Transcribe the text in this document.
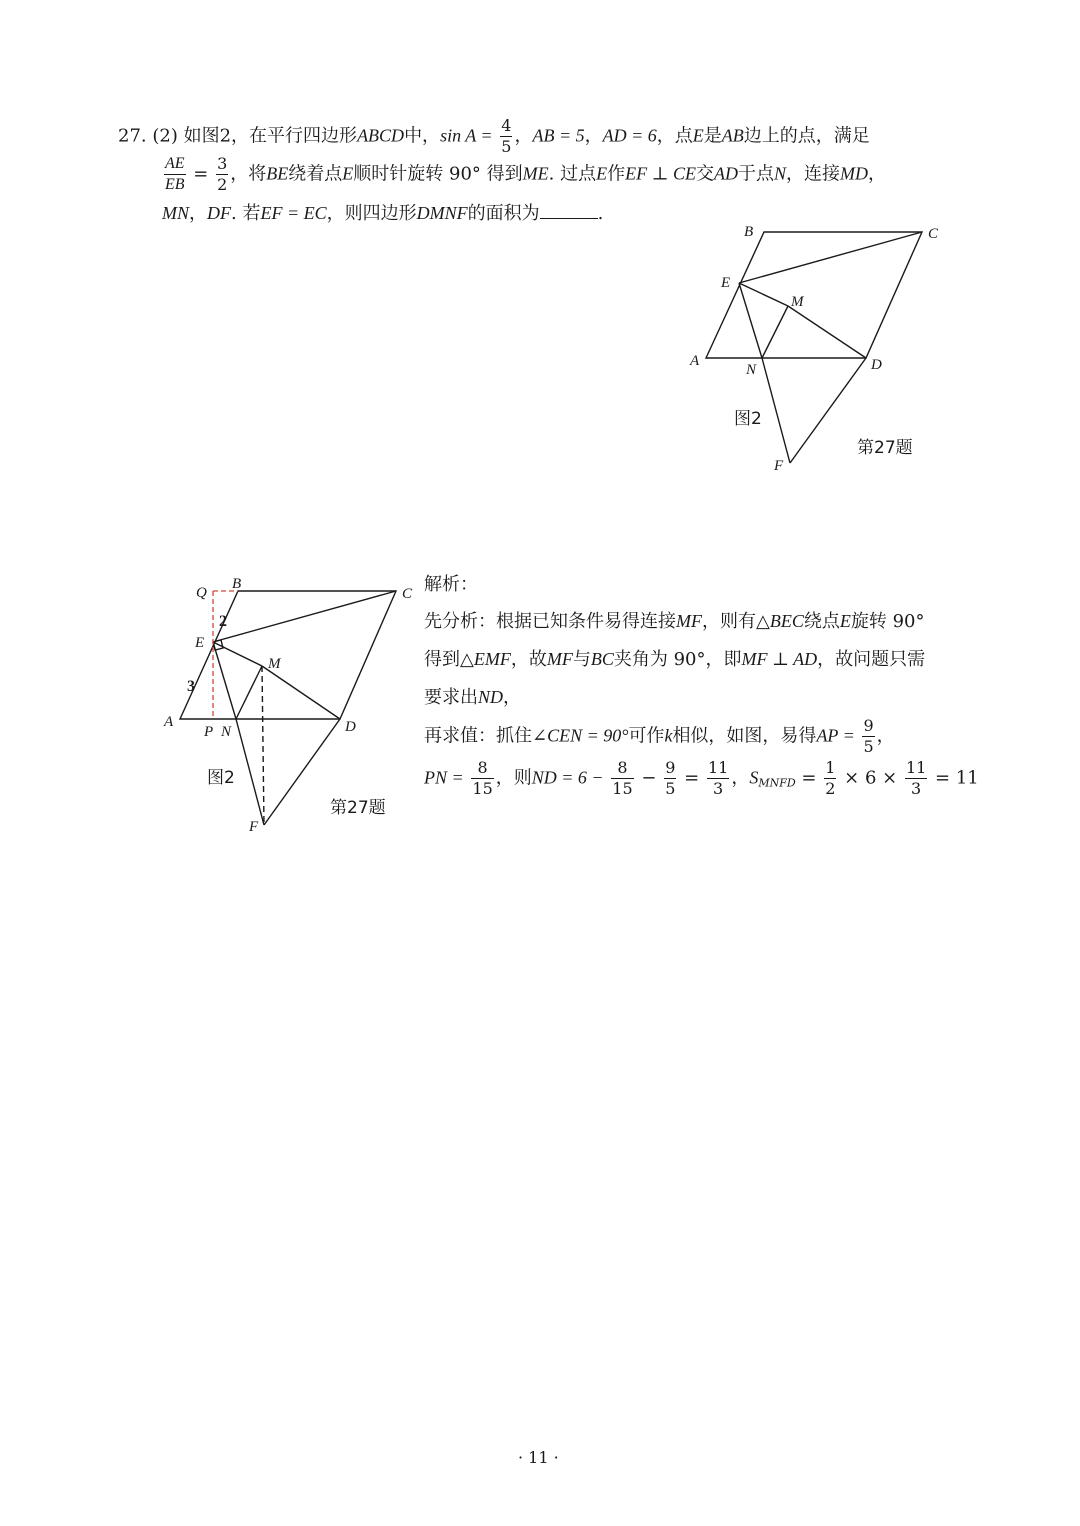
27. (2) 如图2，在平行四边形ABCD中，$\sin A = \frac{4}{5}$ ，AB = 5，AD = 6，点E是AB边上的点，满足
$\frac{AE}{EB} = \frac{3}{2}$ ，将BE绕着点E顺时针旋转 90° 得到ME. 过点E作EF ⊥ CE交AD于点N，连接MD，
MN，DF. 若EF = EC，则四边形DMNF的面积为	.
B	C
E
M
A
N	D
F
图2
第27题
Q
B
C
E
M
A
P N	D
F
2
3
图2
第27题
解析：
先分析：根据已知条件易得连接MF，则有△BEC绕点E旋转 90°
得到△EMF，故MF与BC夹角为 90°，即MF ⊥ AD，故问题只需
要求出ND，
再求值：抓住∠CEN = 90°可作k相似，如图，易得AP = $\frac{9}{5}$ ，
PN = $\frac{8}{15}$ ，则ND = $6 - \frac{8}{15} - \frac{9}{5} = \frac{11}{3}$ ，$S_{MNFD} = \frac{1}{2} \times 6 \times \frac{11}{3} = 11$
· 11 ·
